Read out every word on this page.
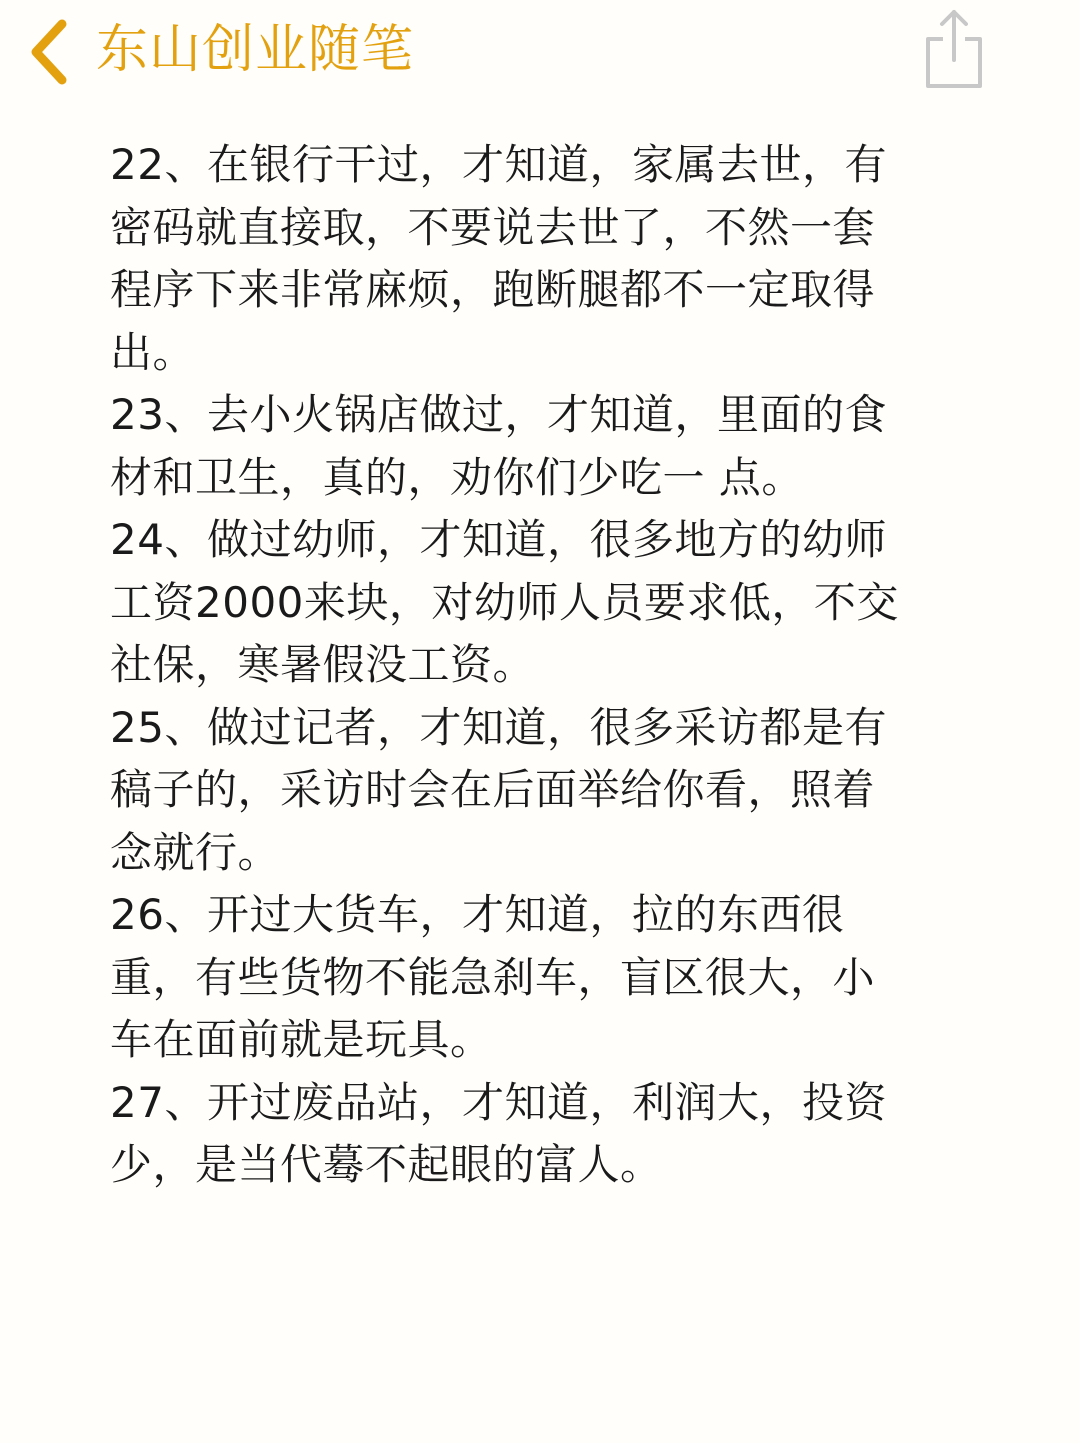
东山创业随笔
22、在银行干过，才知道，家属去世，有
密码就直接取，不要说去世了，不然一套
程序下来非常麻烦，跑断腿都不一定取得
出。
23、去小火锅店做过，才知道，里面的食
材和卫生，真的，劝你们少吃一 点。
24、做过幼师，才知道，很多地方的幼师
工资2000来块，对幼师人员要求低，不交
社保，寒暑假没工资。
25、做过记者，才知道，很多采访都是有
稿子的，采访时会在后面举给你看，照着
念就行。
26、开过大货车，才知道，拉的东西很
重，有些货物不能急刹车，盲区很大，小
车在面前就是玩具。
27、开过废品站，才知道，利润大，投资
少，是当代蓦不起眼的富人。
